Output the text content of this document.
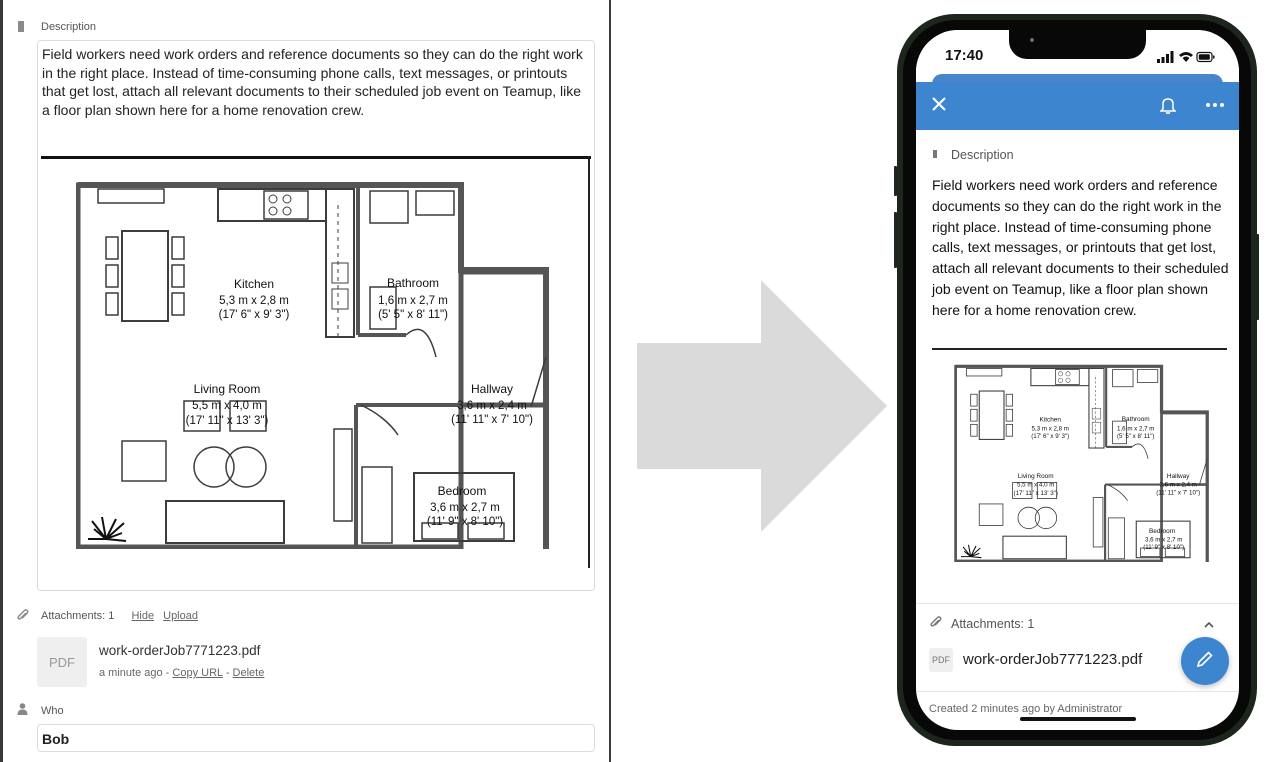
Description
Field workers need work orders and reference documents so they can do the right work in the right place. Instead of time-consuming phone calls, text messages, or printouts that get lost, attach all relevant documents to their scheduled job event on Teamup, like a floor plan shown here for a home renovation crew.
Kitchen
5,3 m x 2,8 m
(17' 6" x 9' 3")
Bathroom
1,6 m x 2,7 m
(5' 5" x 8' 11")
Living Room
5,5 m x 4,0 m
(17' 11" x 13' 3")
Hallway
3,6 m x 2,4 m
(11' 11" x 7' 10")
Bedroom
3,6 m x 2,7 m
(11' 9" x 8' 10")
Attachments: 1 Hide Upload
PDF
work-orderJob7771223.pdf
a minute ago - Copy URL - Delete
Who
Bob
17:40
Description
Field workers need work orders and reference documents so they can do the right work in the right place. Instead of time-consuming phone calls, text messages, or printouts that get lost, attach all relevant documents to their scheduled job event on Teamup, like a floor plan shown here for a home renovation crew.
Kitchen
5,3 m x 2,8 m
(17' 6" x 9' 3")
Bathroom
1,6 m x 2,7 m
(5' 5" x 8' 11")
Living Room
5,5 m x 4,0 m
(17' 11" x 13' 3")
Hallway
3,6 m x 2,4 m
(11' 11" x 7' 10")
Bedroom
3,6 m x 2,7 m
(11' 9" x 8' 10")
Attachments: 1
PDF work-orderJob7771223.pdf
Created 2 minutes ago by Administrator
